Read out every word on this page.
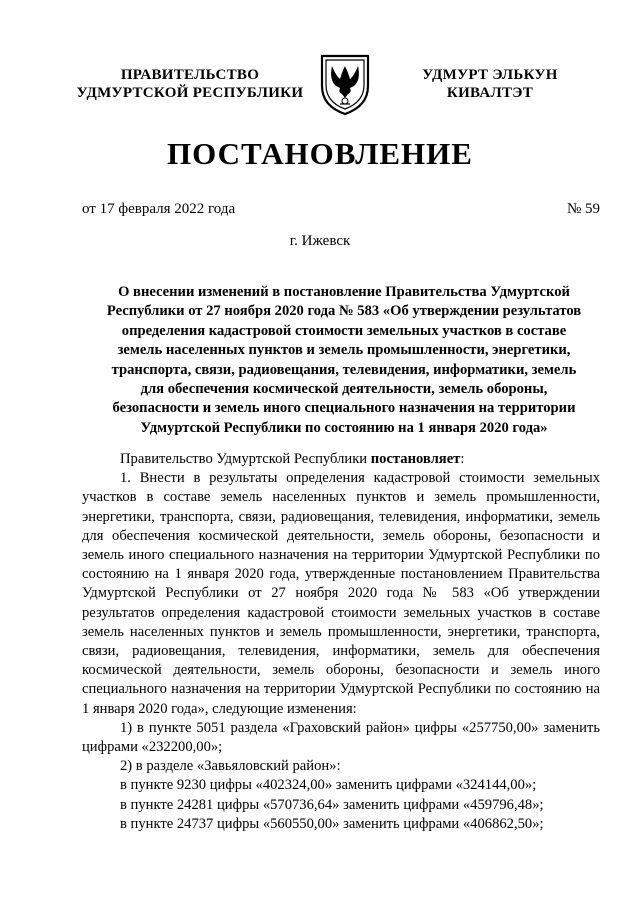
ПРАВИТЕЛЬСТВО
УДМУРТСКОЙ РЕСПУБЛИКИ
УДМУРТ ЭЛЬКУН
КИВАЛТЭТ
ПОСТАНОВЛЕНИЕ
от 17 февраля 2022 года	№ 59
г. Ижевск
О внесении изменений в постановление Правительства Удмуртской Республики от 27 ноября 2020 года № 583 «Об утверждении результатов определения кадастровой стоимости земельных участков в составе земель населенных пунктов и земель промышленности, энергетики, транспорта, связи, радиовещания, телевидения, информатики, земель для обеспечения космической деятельности, земель обороны, безопасности и земель иного специального назначения на территории Удмуртской Республики по состоянию на 1 января 2020 года»

Правительство Удмуртской Республики постановляет:

1. Внести в результаты определения кадастровой стоимости земельных участков в составе земель населенных пунктов и земель промышленности, энергетики, транспорта, связи, радиовещания, телевидения, информатики, земель для обеспечения космической деятельности, земель обороны, безопасности и земель иного специального назначения на территории Удмуртской Республики по состоянию на 1 января 2020 года, утвержденные постановлением Правительства Удмуртской Республики от 27 ноября 2020 года № 583 «Об утверждении результатов определения кадастровой стоимости земельных участков в составе земель населенных пунктов и земель промышленности, энергетики, транспорта, связи, радиовещания, телевидения, информатики, земель для обеспечения космической деятельности, земель обороны, безопасности и земель иного специального назначения на территории Удмуртской Республики по состоянию на 1 января 2020 года», следующие изменения:

1) в пункте 5051 раздела «Граховский район» цифры «257750,00» заменить цифрами «232200,00»;

2) в разделе «Завьяловский район»:

в пункте 9230 цифры «402324,00» заменить цифрами «324144,00»;

в пункте 24281 цифры «570736,64» заменить цифрами «459796,48»;

в пункте 24737 цифры «560550,00» заменить цифрами «406862,50»;
